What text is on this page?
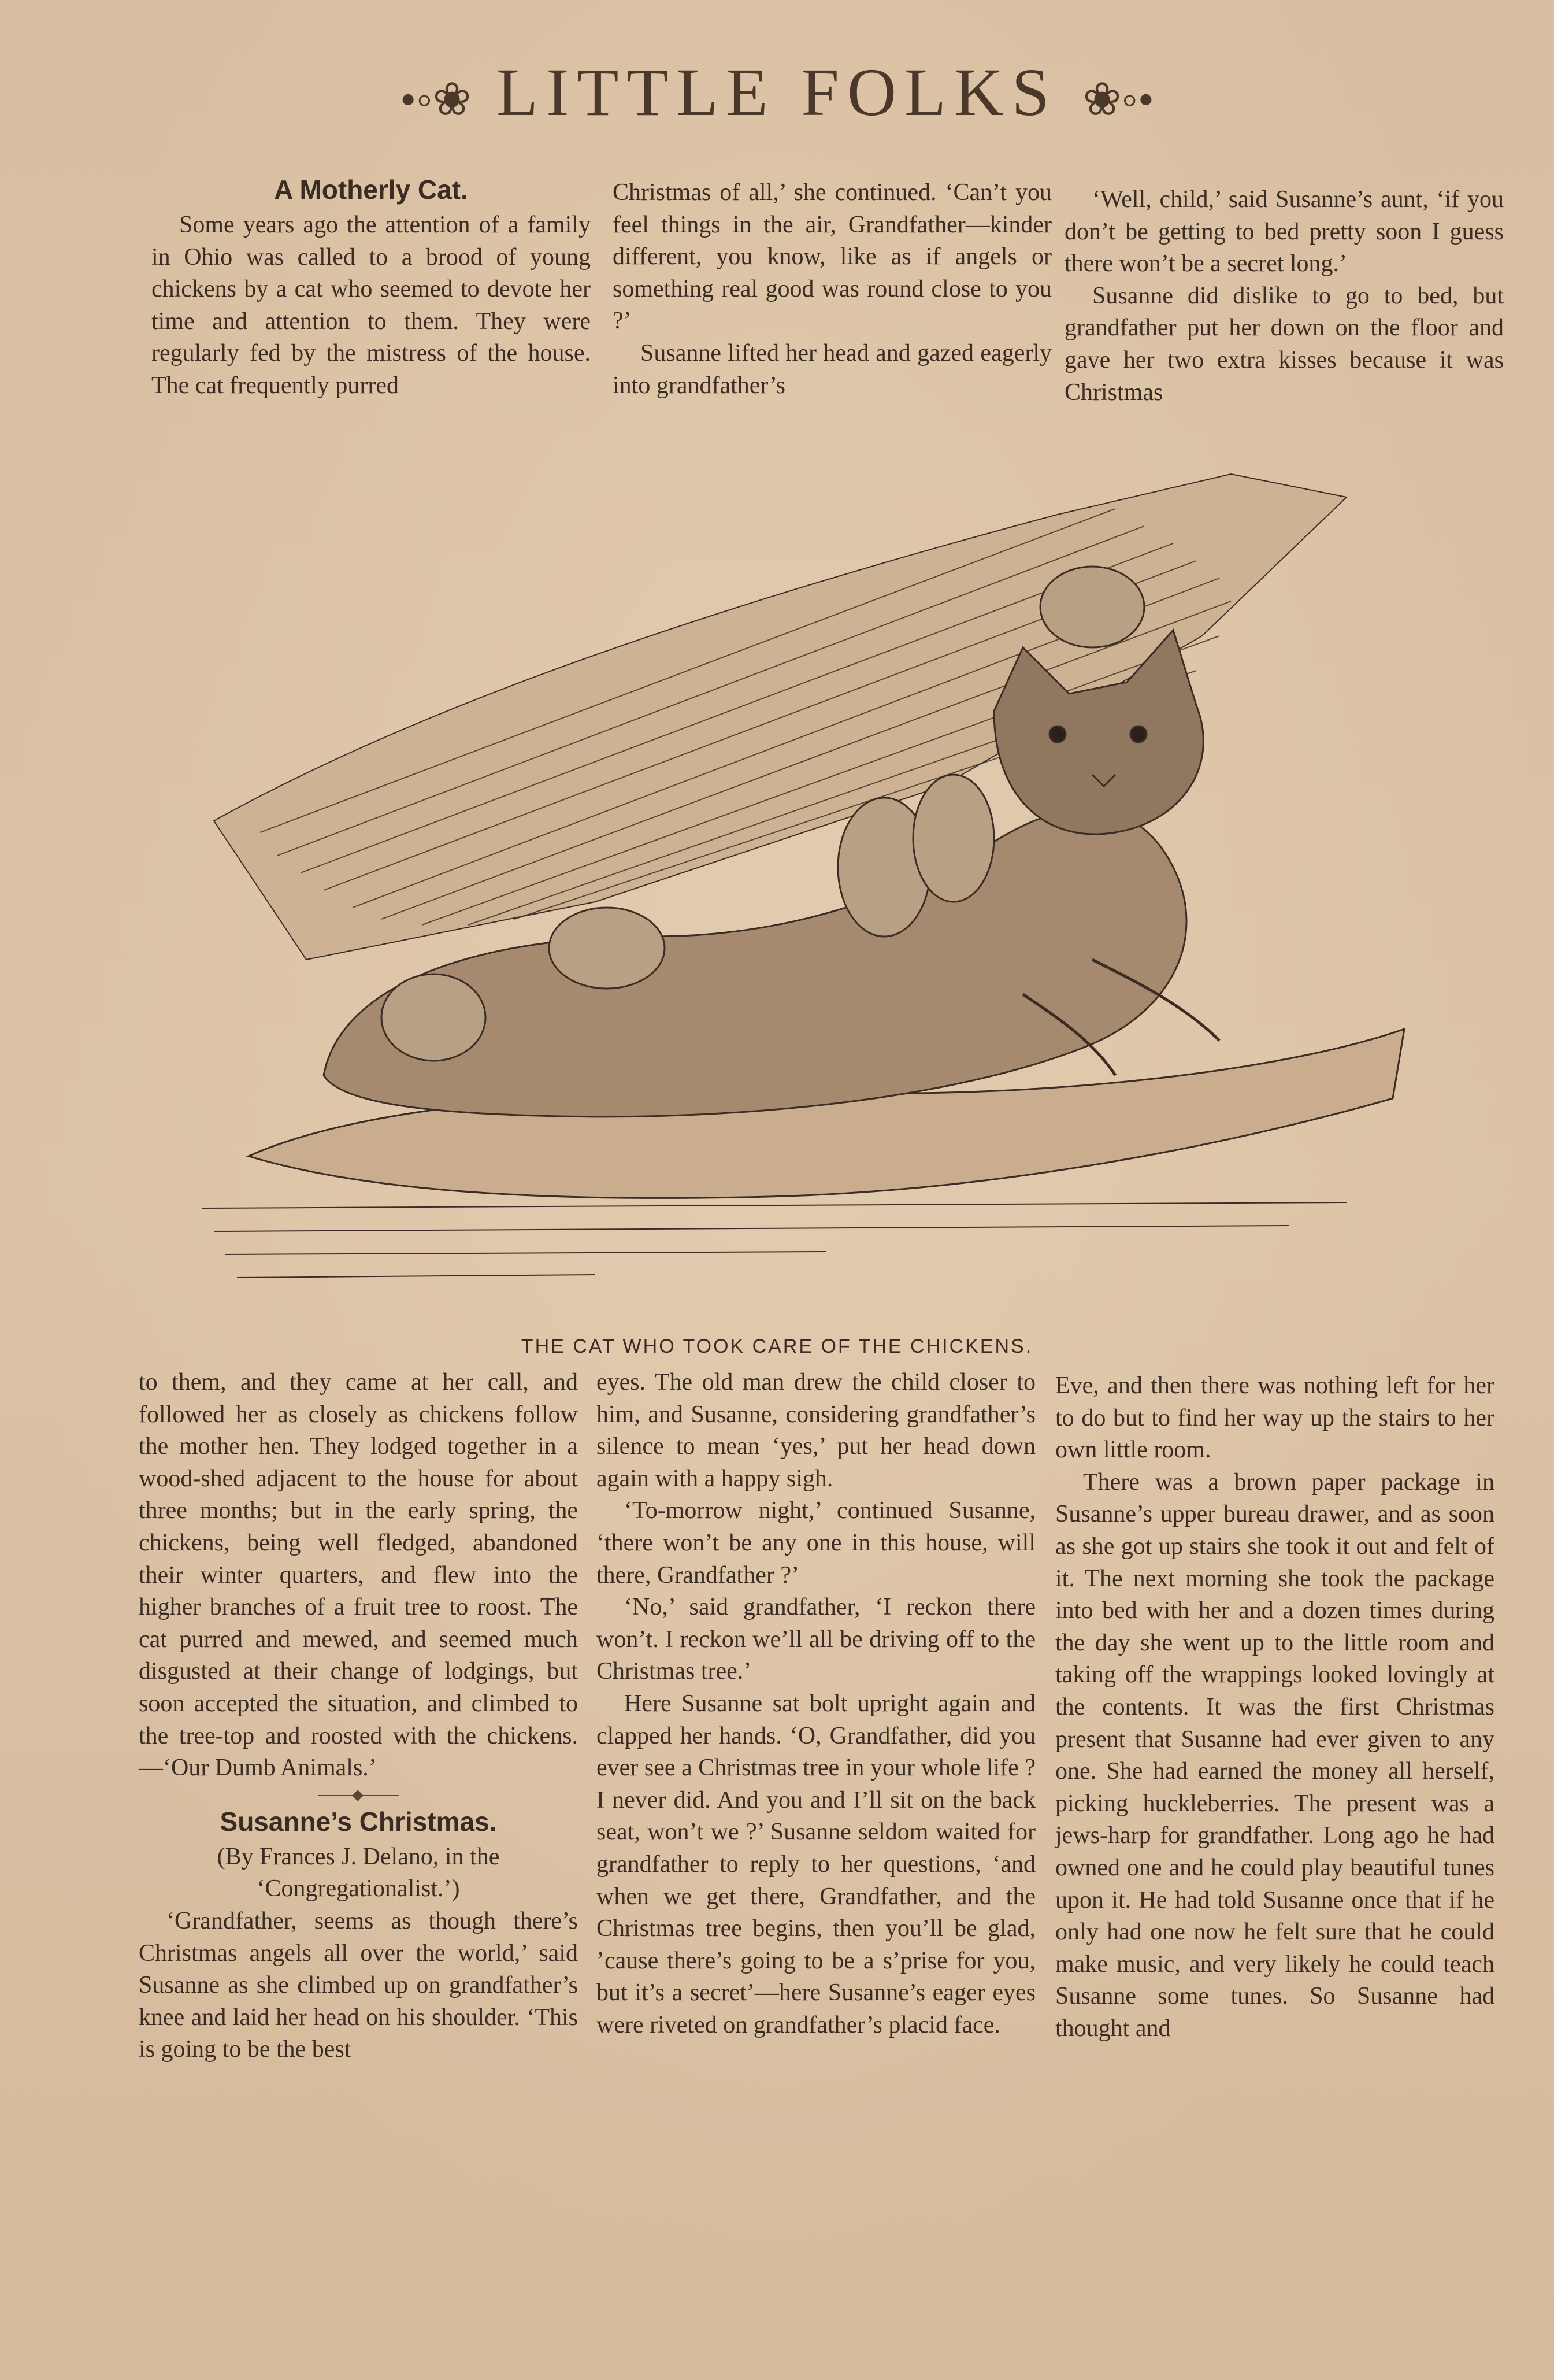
•◦❀ LITTLE FOLKS ❀◦•
A Motherly Cat.

Some years ago the attention of a family in Ohio was called to a brood of young chickens by a cat who seemed to devote her time and attention to them. They were regularly fed by the mistress of the house. The cat frequently purred

Christmas of all,’ she continued. ‘Can’t you feel things in the air, Grandfather—kinder different, you know, like as if angels or something real good was round close to you ?’

Susanne lifted her head and gazed eagerly into grandfather’s

‘Well, child,’ said Susanne’s aunt, ‘if you don’t be getting to bed pretty soon I guess there won’t be a secret long.’

Susanne did dislike to go to bed, but grandfather put her down on the floor and gave her two extra kisses because it was Christmas

THE CAT WHO TOOK CARE OF THE CHICKENS.

to them, and they came at her call, and followed her as closely as chickens follow the mother hen. They lodged together in a wood-shed adjacent to the house for about three months; but in the early spring, the chickens, being well fledged, abandoned their winter quarters, and flew into the higher branches of a fruit tree to roost. The cat purred and mewed, and seemed much disgusted at their change of lodgings, but soon accepted the situation, and climbed to the tree-top and roosted with the chickens.—‘Our Dumb Animals.’

Susanne’s Christmas.

(By Frances J. Delano, in the

‘Congregationalist.’)

‘Grandfather, seems as though there’s Christmas angels all over the world,’ said Susanne as she climbed up on grandfather’s knee and laid her head on his shoulder. ‘This is going to be the best

eyes. The old man drew the child closer to him, and Susanne, considering grandfather’s silence to mean ‘yes,’ put her head down again with a happy sigh.

‘To-morrow night,’ continued Susanne, ‘there won’t be any one in this house, will there, Grandfather ?’

‘No,’ said grandfather, ‘I reckon there won’t. I reckon we’ll all be driving off to the Christmas tree.’

Here Susanne sat bolt upright again and clapped her hands. ‘O, Grandfather, did you ever see a Christmas tree in your whole life ? I never did. And you and I’ll sit on the back seat, won’t we ?’ Susanne seldom waited for grandfather to reply to her questions, ‘and when we get there, Grandfather, and the Christmas tree begins, then you’ll be glad, ’cause there’s going to be a s’prise for you, but it’s a secret’—here Susanne’s eager eyes were riveted on grandfather’s placid face.

Eve, and then there was nothing left for her to do but to find her way up the stairs to her own little room.

There was a brown paper package in Susanne’s upper bureau drawer, and as soon as she got up stairs she took it out and felt of it. The next morning she took the package into bed with her and a dozen times during the day she went up to the little room and taking off the wrappings looked lovingly at the contents. It was the first Christmas present that Susanne had ever given to any one. She had earned the money all herself, picking huckleberries. The present was a jews-harp for grandfather. Long ago he had owned one and he could play beautiful tunes upon it. He had told Susanne once that if he only had one now he felt sure that he could make music, and very likely he could teach Susanne some tunes. So Susanne had thought and
